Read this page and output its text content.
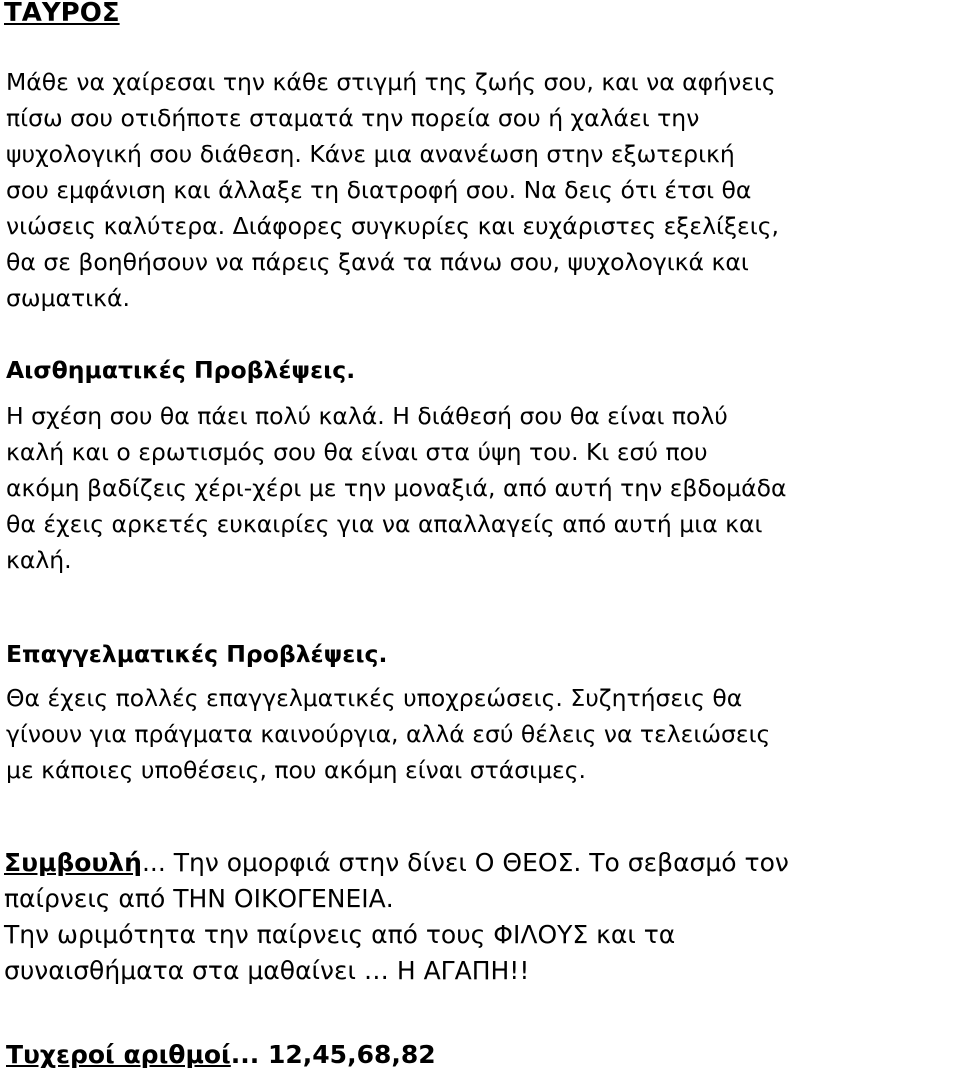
ΤΑΥΡΟΣ

Μάθε να χαίρεσαι την κάθε στιγμή της ζωής σου, και να αφήνεις
πίσω σου οτιδήποτε σταματά την πορεία σου ή χαλάει την
ψυχολογική σου διάθεση. Κάνε μια ανανέωση στην εξωτερική
σου εμφάνιση και άλλαξε τη διατροφή σου. Να δεις ότι έτσι θα
νιώσεις καλύτερα. Διάφορες συγκυρίες και ευχάριστες εξελίξεις,
θα σε βοηθήσουν να πάρεις ξανά τα πάνω σου, ψυχολογικά και
σωματικά.

Αισθηματικές Προβλέψεις.

Η σχέση σου θα πάει πολύ καλά. Η διάθεσή σου θα είναι πολύ
καλή και ο ερωτισμός σου θα είναι στα ύψη του. Κι εσύ που
ακόμη βαδίζεις χέρι-χέρι με την μοναξιά, από αυτή την εβδομάδα
θα έχεις αρκετές ευκαιρίες για να απαλλαγείς από αυτή μια και
καλή.

Επαγγελματικές Προβλέψεις.

Θα έχεις πολλές επαγγελματικές υποχρεώσεις. Συζητήσεις θα
γίνουν για πράγματα καινούργια, αλλά εσύ θέλεις να τελειώσεις
με κάποιες υποθέσεις, που ακόμη είναι στάσιμες.

Συμβουλή... Την ομορφιά στην δίνει Ο ΘΕΟΣ. Το σεβασμό τον
παίρνεις από ΤΗΝ ΟΙΚΟΓΕΝΕΙΑ.
Την ωριμότητα την παίρνεις από τους ΦΙΛΟΥΣ και τα
συναισθήματα στα μαθαίνει … Η ΑΓΑΠΗ!!

Τυχεροί αριθμοί... 12,45,68,82
